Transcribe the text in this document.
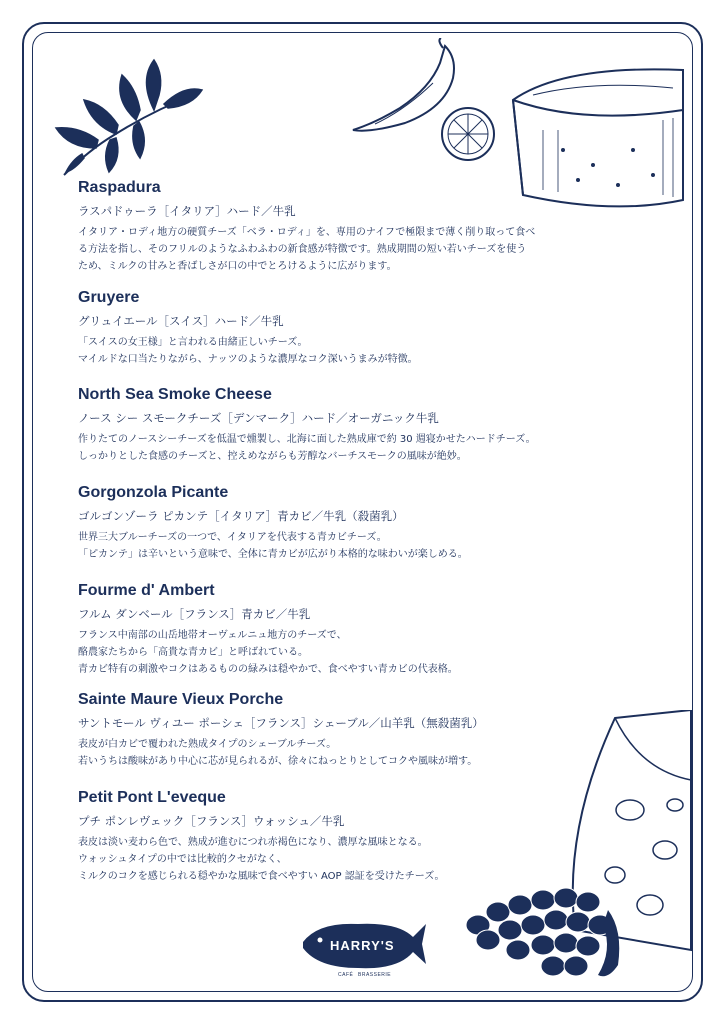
Raspadura
ラスパドゥーラ［イタリア］ハード／牛乳
イタリア・ロディ地方の硬質チーズ「ベラ・ロディ」を、専用のナイフで極限まで薄く削り取って食べ
る方法を指し、そのフリルのようなふわふわの新食感が特徴です。熟成期間の短い若いチーズを使う
ため、ミルクの甘みと香ばしさが口の中でとろけるように広がります。
Gruyere
グリュイエール［スイス］ハード／牛乳
「スイスの女王様」と言われる由緒正しいチーズ。
マイルドな口当たりながら、ナッツのような濃厚なコク深いうまみが特徴。
North Sea Smoke Cheese
ノース シー スモークチーズ［デンマーク］ハード／オーガニック牛乳
作りたてのノースシーチーズを低温で燻製し、北海に面した熟成庫で約 30 週寝かせたハードチーズ。
しっかりとした食感のチーズと、控えめながらも芳醇なバーチスモークの風味が絶妙。
Gorgonzola Picante
ゴルゴンゾーラ ピカンテ［イタリア］青カビ／牛乳（殺菌乳）
世界三大ブルーチーズの一つで、イタリアを代表する青カビチーズ。
「ピカンテ」は辛いという意味で、全体に青カビが広がり本格的な味わいが楽しめる。
Fourme d' Ambert
フルム ダンベール［フランス］青カビ／牛乳
フランス中南部の山岳地帯オーヴェルニュ地方のチーズで、
酪農家たちから「高貴な青カビ」と呼ばれている。
青カビ特有の刺激やコクはあるものの緑みは穏やかで、食べやすい青カビの代表格。
Sainte Maure Vieux Porche
サントモール ヴィユー ポーシェ［フランス］シェーブル／山羊乳（無殺菌乳）
表皮が白カビで覆われた熟成タイプのシェーブルチーズ。
若いうちは酸味があり中心に芯が見られるが、徐々にねっとりとしてコクや風味が増す。
Petit Pont L'eveque
プチ ポンレヴェック［フランス］ウォッシュ／牛乳
表皮は淡い麦わら色で、熟成が進むにつれ赤褐色になり、濃厚な風味となる。
ウォッシュタイプの中では比較的クセがなく、
ミルクのコクを感じられる穏やかな風味で食べやすい AOP 認証を受けたチーズ。
HARRY'S
CAFÉ BRASSERIE
